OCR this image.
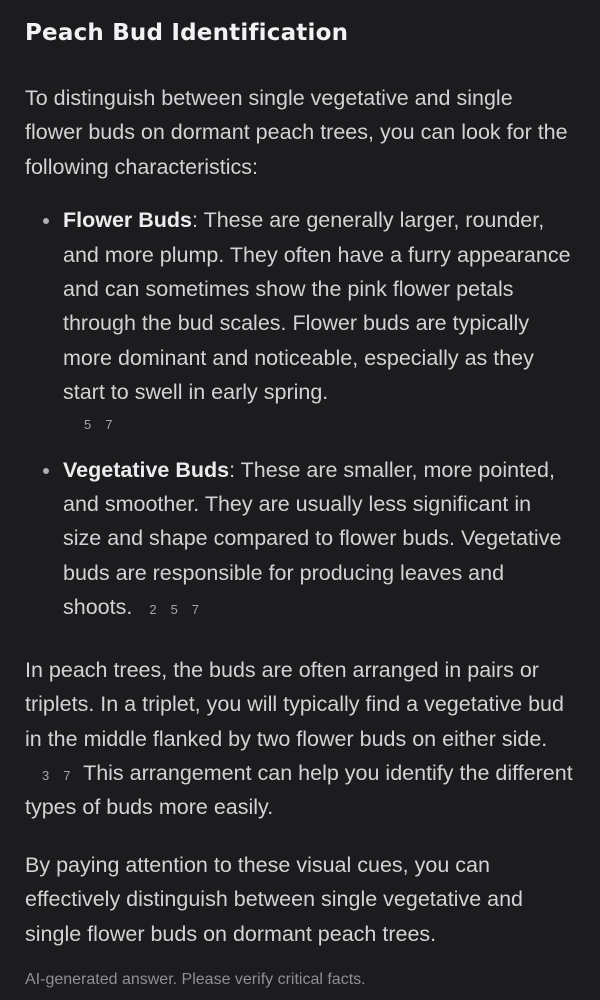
Peach Bud Identification

To distinguish between single vegetative and single flower buds on dormant peach trees, you can look for the following characteristics:

Flower Buds: These are generally larger, rounder, and more plump. They often have a furry appearance and can sometimes show the pink flower petals through the bud scales. Flower buds are typically more dominant and noticeable, especially as they start to swell in early spring.
5 7
Vegetative Buds: These are smaller, more pointed, and smoother. They are usually less significant in size and shape compared to flower buds. Vegetative buds are responsible for producing leaves and shoots. 2 5 7

In peach trees, the buds are often arranged in pairs or triplets. In a triplet, you will typically find a vegetative bud in the middle flanked by two flower buds on either side.3 7 This arrangement can help you identify the different types of buds more easily.

By paying attention to these visual cues, you can effectively distinguish between single vegetative and single flower buds on dormant peach trees.

AI-generated answer. Please verify critical facts.
